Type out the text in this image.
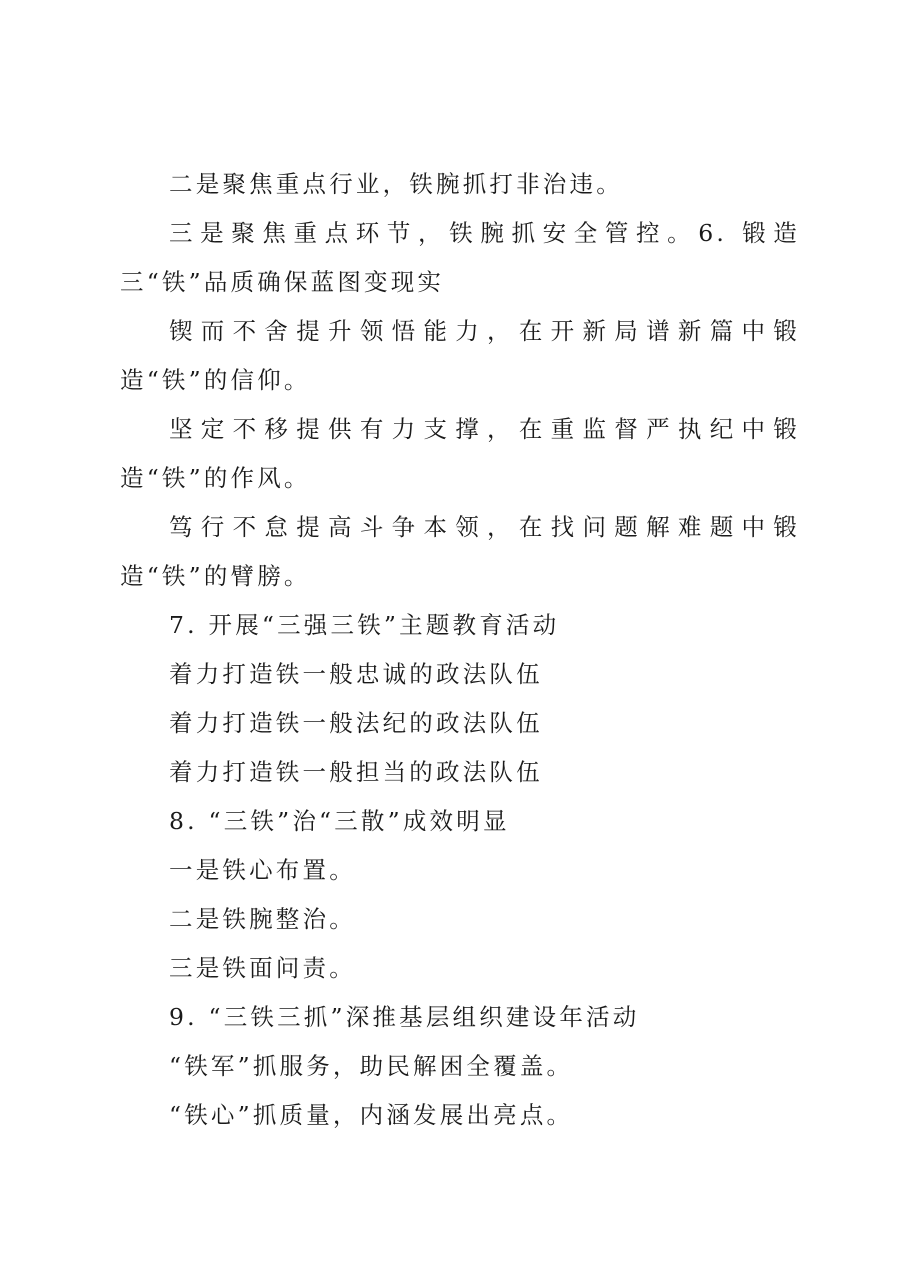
二是聚焦重点行业，铁腕抓打非治违。

三是聚焦重点环节，铁腕抓安全管控。6. 锻造三“铁”品质确保蓝图变现实

锲而不舍提升领悟能力，在开新局谱新篇中锻造“铁”的信仰。

坚定不移提供有力支撑，在重监督严执纪中锻造“铁”的作风。

笃行不怠提高斗争本领，在找问题解难题中锻造“铁”的臂膀。

7. 开展“三强三铁”主题教育活动

着力打造铁一般忠诚的政法队伍

着力打造铁一般法纪的政法队伍

着力打造铁一般担当的政法队伍

8. “三铁”治“三散”成效明显

一是铁心布置。

二是铁腕整治。

三是铁面问责。

9. “三铁三抓”深推基层组织建设年活动

“铁军”抓服务，助民解困全覆盖。

“铁心”抓质量，内涵发展出亮点。
